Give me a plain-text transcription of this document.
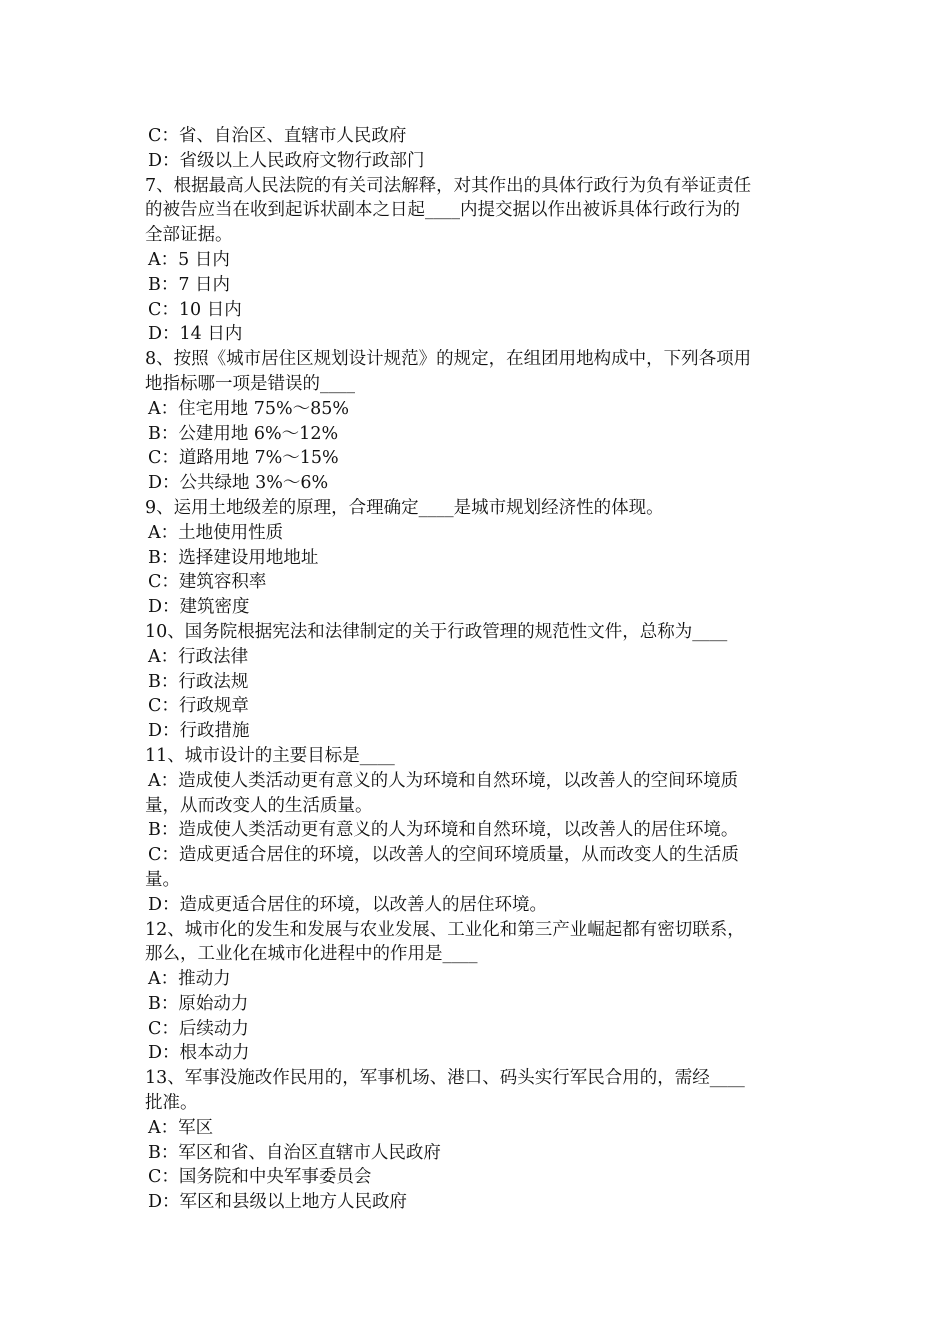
C：省、自治区、直辖市人民政府
D：省级以上人民政府文物行政部门
7、根据最高人民法院的有关司法解释，对其作出的具体行政行为负有举证责任
的被告应当在收到起诉状副本之日起____内提交据以作出被诉具体行政行为的
全部证据。
A：5 日内
B：7 日内
C：10 日内
D：14 日内
8、按照《城市居住区规划设计规范》的规定，在组团用地构成中，下列各项用
地指标哪一项是错误的____
A：住宅用地 75%～85%
B：公建用地 6%～12%
C：道路用地 7%～15%
D：公共绿地 3%～6%
9、运用土地级差的原理，合理确定____是城市规划经济性的体现。
A：土地使用性质
B：选择建设用地地址
C：建筑容积率
D：建筑密度
10、国务院根据宪法和法律制定的关于行政管理的规范性文件，总称为____
A：行政法律
B：行政法规
C：行政规章
D：行政措施
11、城市设计的主要目标是____
A：造成使人类活动更有意义的人为环境和自然环境，以改善人的空间环境质
量，从而改变人的生活质量。
B：造成使人类活动更有意义的人为环境和自然环境，以改善人的居住环境。
C：造成更适合居住的环境，以改善人的空间环境质量，从而改变人的生活质
量。
D：造成更适合居住的环境，以改善人的居住环境。
12、城市化的发生和发展与农业发展、工业化和第三产业崛起都有密切联系，
那么，工业化在城市化进程中的作用是____
A：推动力
B：原始动力
C：后续动力
D：根本动力
13、军事没施改作民用的，军事机场、港口、码头实行军民合用的，需经____
批准。
A：军区
B：军区和省、自治区直辖市人民政府
C：国务院和中央军事委员会
D：军区和县级以上地方人民政府
